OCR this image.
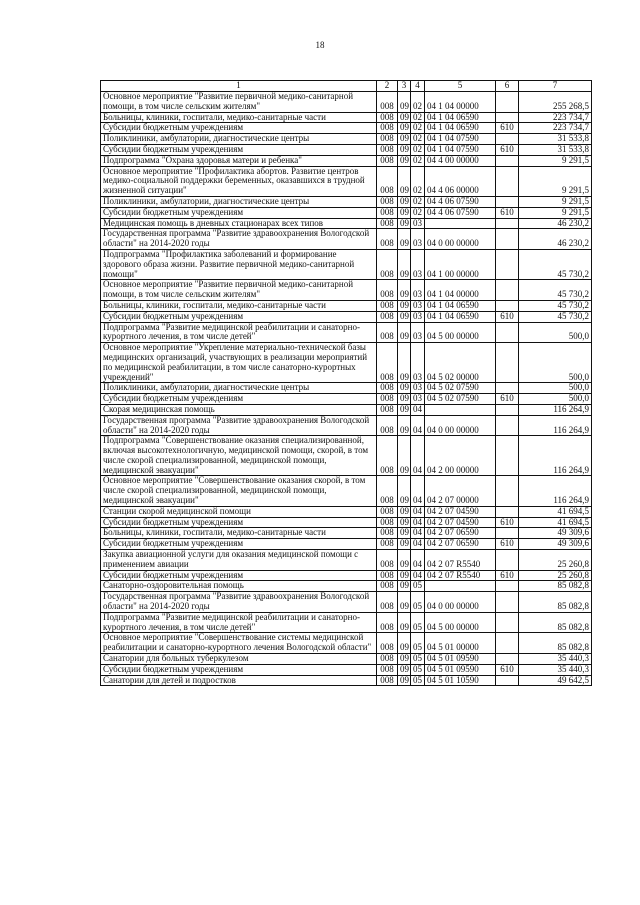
18
1	2	3	4	5	6	7
Основное мероприятие "Развитие первичной медико-санитарной помощи, в том числе сельским жителям"	008	09	02	04 1 04 00000		255 268,5
Больницы, клиники, госпитали, медико-санитарные части	008	09	02	04 1 04 06590		223 734,7
Субсидии бюджетным учреждениям	008	09	02	04 1 04 06590	610	223 734,7
Поликлиники, амбулатории, диагностические центры	008	09	02	04 1 04 07590		31 533,8
Субсидии бюджетным учреждениям	008	09	02	04 1 04 07590	610	31 533,8
Подпрограмма "Охрана здоровья матери и ребенка"	008	09	02	04 4 00 00000		9 291,5
Основное мероприятие "Профилактика абортов. Развитие центров медико-социальной поддержки беременных, оказавшихся в трудной жизненной ситуации"	008	09	02	04 4 06 00000		9 291,5
Поликлиники, амбулатории, диагностические центры	008	09	02	04 4 06 07590		9 291,5
Субсидии бюджетным учреждениям	008	09	02	04 4 06 07590	610	9 291,5
Медицинская помощь в дневных стационарах всех типов	008	09	03			46 230,2
Государственная программа "Развитие здравоохранения Вологодской области" на 2014-2020 годы	008	09	03	04 0 00 00000		46 230,2
Подпрограмма "Профилактика заболеваний и формирование здорового образа жизни. Развитие первичной медико-санитарной помощи"	008	09	03	04 1 00 00000		45 730,2
Основное мероприятие "Развитие первичной медико-санитарной помощи, в том числе сельским жителям"	008	09	03	04 1 04 00000		45 730,2
Больницы, клиники, госпитали, медико-санитарные части	008	09	03	04 1 04 06590		45 730,2
Субсидии бюджетным учреждениям	008	09	03	04 1 04 06590	610	45 730,2
Подпрограмма "Развитие медицинской реабилитации и санаторно-курортного лечения, в том числе детей"	008	09	03	04 5 00 00000		500,0
Основное мероприятие "Укрепление материально-технической базы медицинских организаций, участвующих в реализации мероприятий по медицинской реабилитации, в том числе санаторно-курортных учреждений"	008	09	03	04 5 02 00000		500,0
Поликлиники, амбулатории, диагностические центры	008	09	03	04 5 02 07590		500,0
Субсидии бюджетным учреждениям	008	09	03	04 5 02 07590	610	500,0
Скорая медицинская помощь	008	09	04			116 264,9
Государственная программа "Развитие здравоохранения Вологодской области" на 2014-2020 годы	008	09	04	04 0 00 00000		116 264,9
Подпрограмма "Совершенствование оказания специализированной, включая высокотехнологичную, медицинской помощи, скорой, в том числе скорой специализированной, медицинской помощи, медицинской эвакуации"	008	09	04	04 2 00 00000		116 264,9
Основное мероприятие "Совершенствование оказания скорой, в том числе скорой специализированной, медицинской помощи, медицинской эвакуации"	008	09	04	04 2 07 00000		116 264,9
Станции скорой медицинской помощи	008	09	04	04 2 07 04590		41 694,5
Субсидии бюджетным учреждениям	008	09	04	04 2 07 04590	610	41 694,5
Больницы, клиники, госпитали, медико-санитарные части	008	09	04	04 2 07 06590		49 309,6
Субсидии бюджетным учреждениям	008	09	04	04 2 07 06590	610	49 309,6
Закупка авиационной услуги для оказания медицинской помощи с применением авиации	008	09	04	04 2 07 R5540		25 260,8
Субсидии бюджетным учреждениям	008	09	04	04 2 07 R5540	610	25 260,8
Санаторно-оздоровительная помощь	008	09	05			85 082,8
Государственная программа "Развитие здравоохранения Вологодской области" на 2014-2020 годы	008	09	05	04 0 00 00000		85 082,8
Подпрограмма "Развитие медицинской реабилитации и санаторно-курортного лечения, в том числе детей"	008	09	05	04 5 00 00000		85 082,8
Основное мероприятие "Совершенствование системы медицинской реабилитации и санаторно-курортного лечения Вологодской области"	008	09	05	04 5 01 00000		85 082,8
Санатории для больных туберкулезом	008	09	05	04 5 01 09590		35 440,3
Субсидии бюджетным учреждениям	008	09	05	04 5 01 09590	610	35 440,3
Санатории для детей и подростков	008	09	05	04 5 01 10590		49 642,5
